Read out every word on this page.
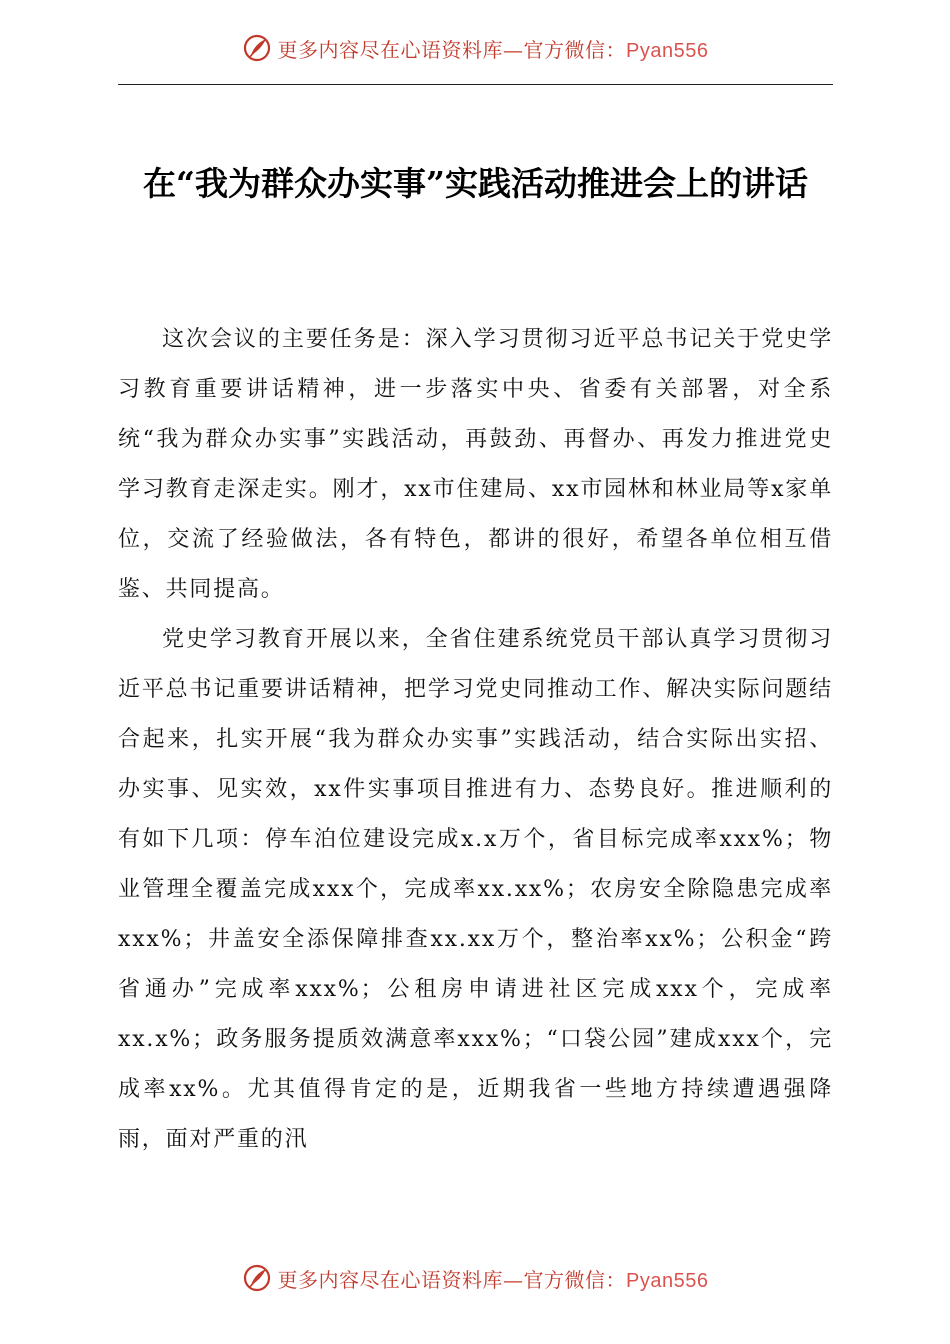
更多内容尽在心语资料库—官方微信：Pyan556
在“我为群众办实事”实践活动推进会上的讲话

这次会议的主要任务是：深入学习贯彻习近平总书记关于党史学习教育重要讲话精神，进一步落实中央、省委有关部署，对全系统“我为群众办实事”实践活动，再鼓劲、再督办、再发力推进党史学习教育走深走实。刚才，xx市住建局、xx市园林和林业局等x家单位，交流了经验做法，各有特色，都讲的很好，希望各单位相互借鉴、共同提高。

党史学习教育开展以来，全省住建系统党员干部认真学习贯彻习近平总书记重要讲话精神，把学习党史同推动工作、解决实际问题结合起来，扎实开展“我为群众办实事”实践活动，结合实际出实招、办实事、见实效，xx件实事项目推进有力、态势良好。推进顺利的有如下几项：停车泊位建设完成x.x万个，省目标完成率xxx%；物业管理全覆盖完成xxx个，完成率xx.xx%；农房安全除隐患完成率xxx%；井盖安全添保障排查xx.xx万个，整治率xx%；公积金“跨省通办”完成率xxx%；公租房申请进社区完成xxx个，完成率xx.x%；政务服务提质效满意率xxx%；“口袋公园”建成xxx个，完成率xx%。尤其值得肯定的是，近期我省一些地方持续遭遇强降雨，面对严重的汛

更多内容尽在心语资料库—官方微信：Pyan556
